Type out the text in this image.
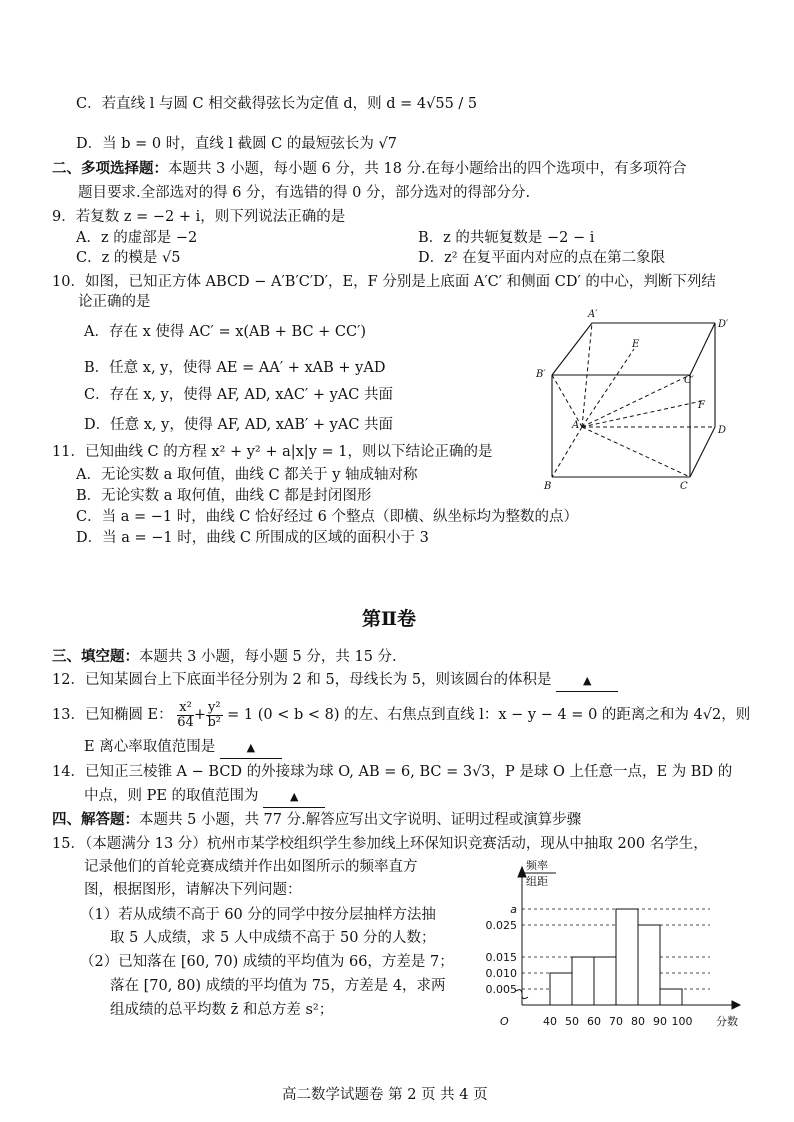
C．若直线 l 与圆 C 相交截得弦长为定值 d，则 d = 4√55 / 5
D．当 b = 0 时，直线 l 截圆 C 的最短弦长为 √7
二、多项选择题：本题共 3 小题，每小题 6 分，共 18 分.在每小题给出的四个选项中，有多项符合
题目要求.全部选对的得 6 分，有选错的得 0 分，部分选对的得部分分.
9．若复数 z = −2 + i，则下列说法正确的是
A．z 的虚部是 −2	B．z 的共轭复数是 −2 − i
C．z 的模是 √5	D．z² 在复平面内对应的点在第二象限
10．如图，已知正方体 ABCD − A′B′C′D′，E，F 分别是上底面 A′C′ 和侧面 CD′ 的中心，判断下列结
论正确的是
A．存在 x 使得 AC′ = x(AB + BC + CC′)
B．任意 x, y，使得 AE = AA′ + xAB + yAD
C．存在 x, y，使得 AF, AD, xAC′ + yAC 共面
D．任意 x, y，使得 AF, AD, xAB′ + yAC 共面
A′
D′
B′
C′
E
F
A	D
B	C
11．已知曲线 C 的方程 x² + y² + a|x|y = 1，则以下结论正确的是
A．无论实数 a 取何值，曲线 C 都关于 y 轴成轴对称
B．无论实数 a 取何值，曲线 C 都是封闭图形
C．当 a = −1 时，曲线 C 恰好经过 6 个整点（即横、纵坐标均为整数的点）
D．当 a = −1 时，曲线 C 所围成的区域的面积小于 3
第Ⅱ卷
三、填空题：本题共 3 小题，每小题 5 分，共 15 分.
12．已知某圆台上下底面半径分别为 2 和 5，母线长为 5，则该圆台的体积是	▲
13．已知椭圆 E： $\frac{\text{x²}}{64} + \frac{\text{y²}}{\text{b²}} = 1$ (0 < b < 8) 的左、右焦点到直线 l：x − y − 4 = 0 的距离之和为 4√2，则
E 离心率取值范围是	▲
14．已知正三棱锥 A − BCD 的外接球为球 O, AB = 6, BC = 3√3，P 是球 O 上任意一点，E 为 BD 的
中点，则 PE 的取值范围为	▲
四、解答题：本题共 5 小题，共 77 分.解答应写出文字说明、证明过程或演算步骤
15．（本题满分 13 分）杭州市某学校组织学生参加线上环保知识竞赛活动，现从中抽取 200 名学生，
记录他们的首轮竞赛成绩并作出如图所示的频率直方
图，根据图形，请解决下列问题：
（1）若从成绩不高于 60 分的同学中按分层抽样方法抽
取 5 人成绩，求 5 人中成绩不高于 50 分的人数；
（2）已知落在 [60, 70) 成绩的平均值为 66，方差是 7；
落在 [70, 80) 成绩的平均值为 75，方差是 4，求两
组成绩的总平均数 z̄ 和总方差 s²；
频率
组距
O	分数
a
0.025
0.015
0.010
0.005
40 50 60 70 80 90 100
高二数学试题卷 第 2 页 共 4 页
